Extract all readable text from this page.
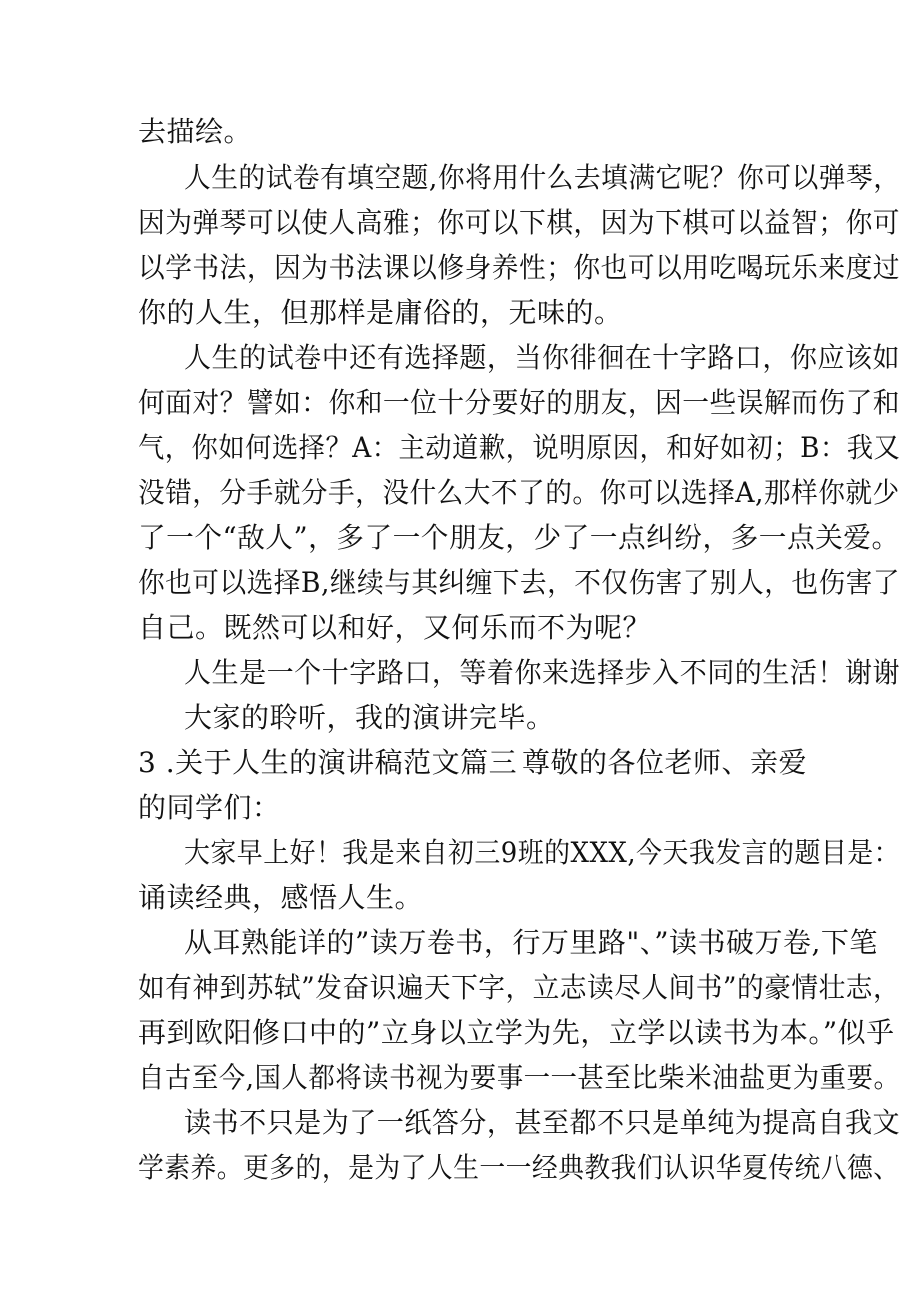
去描绘。
人生的试卷有填空题,你将用什么去填满它呢？你可以弹琴，
因为弹琴可以使人高雅；你可以下棋，因为下棋可以益智；你可
以学书法，因为书法课以修身养性；你也可以用吃喝玩乐来度过
你的人生，但那样是庸俗的，无味的。
人生的试卷中还有选择题，当你徘徊在十字路口，你应该如
何面对？譬如：你和一位十分要好的朋友，因一些误解而伤了和
气，你如何选择？A：主动道歉，说明原因，和好如初；B：我又
没错，分手就分手，没什么大不了的。你可以选择A,那样你就少
了一个“敌人”，多了一个朋友，少了一点纠纷，多一点关爱。
你也可以选择B,继续与其纠缠下去，不仅伤害了别人，也伤害了
自己。既然可以和好，又何乐而不为呢？
人生是一个十字路口，等着你来选择步入不同的生活！谢谢
大家的聆听，我的演讲完毕。
3 .关于人生的演讲稿范文篇三 尊敬的各位老师、亲爱
的同学们：
大家早上好！我是来自初三9班的XXX,今天我发言的题目是：
诵读经典，感悟人生。
从耳熟能详的”读万卷书，行万里路"、”读书破万卷,下笔
如有神到苏轼”发奋识遍天下字，立志读尽人间书”的豪情壮志，
再到欧阳修口中的”立身以立学为先，立学以读书为本。”似乎
自古至今,国人都将读书视为要事一一甚至比柴米油盐更为重要。
读书不只是为了一纸答分，甚至都不只是单纯为提高自我文
学素养。更多的，是为了人生一一经典教我们认识华夏传统八德、
